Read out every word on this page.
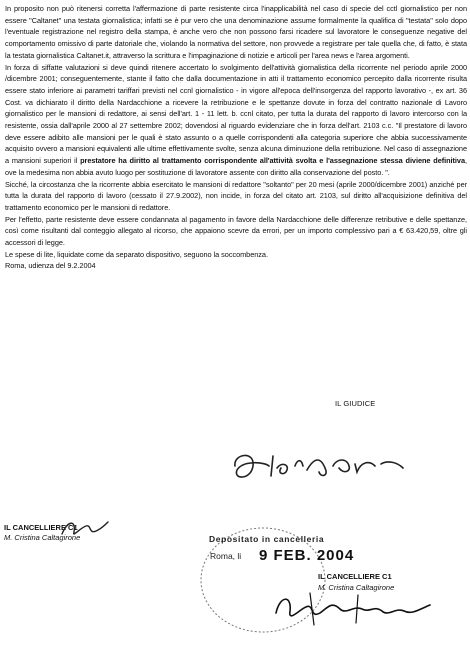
In proposito non può ritenersi corretta l'affermazione di parte resistente circa l'inapplicabilità nel caso di specie del cctl giornalistico per non essere "Caltanet" una testata giornalistica; infatti se è pur vero che una denominazione assume formalmente la qualifica di "testata" solo dopo l'eventuale registrazione nel registro della stampa, è anche vero che non possono farsi ricadere sul lavoratore le conseguenze negative del comportamento omissivo di parte datoriale che, violando la normativa del settore, non provvede a registrare per tale quella che, di fatto, è stata la testata giornalistica Caltanet.it, attraverso la scrittura e l'impaginazione di notizie e articoli per l'area news e l'area argomenti.

In forza di siffatte valutazioni si deve quindi ritenere accertato lo svolgimento dell'attività giornalistica della ricorrente nel periodo aprile 2000 /dicembre 2001; conseguentemente, stante il fatto che dalla documentazione in atti il trattamento economico percepito dalla ricorrente risulta essere stato inferiore ai parametri tariffari previsti nel ccnl giornalistico - in vigore all'epoca dell'insorgenza del rapporto lavorativo -, ex art. 36 Cost. va dichiarato il diritto della Nardacchione a ricevere la retribuzione e le spettanze dovute in forza del contratto nazionale di Lavoro giornalistico per le mansioni di redattore, ai sensi dell'art. 1 - 11 lett. b. ccnl citato, per tutta la durata del rapporto di lavoro intercorso con la resistente, ossia dall'aprile 2000 al 27 settembre 2002; dovendosi al riguardo evidenziare che in forza dell'art. 2103 c.c. "Il prestatore di lavoro deve essere adibito alle mansioni per le quali è stato assunto o a quelle corrispondenti alla categoria superiore che abbia successivamente acquisito ovvero a mansioni equivalenti alle ultime effettivamente svolte, senza alcuna diminuzione della retribuzione. Nel caso di assegnazione a mansioni superiori il prestatore ha diritto al trattamento corrispondente all'attività svolta e l'assegnazione stessa diviene definitiva, ove la medesima non abbia avuto luogo per sostituzione di lavoratore assente con diritto alla conservazione del posto. ".

Sicché, la circostanza che la ricorrente abbia esercitato le mansioni di redattore "soltanto" per 20 mesi (aprile 2000/dicembre 2001) anziché per tutta la durata del rapporto di lavoro (cessato il 27.9.2002), non incide, in forza del citato art. 2103, sul diritto all'acquisizione definitiva del trattamento economico per le mansioni di redattore.

Per l'effetto, parte resistente deve essere condannata al pagamento in favore della Nardacchione delle differenze retributive e delle spettanze, così come risultanti dal conteggio allegato al ricorso, che appaiono scevre da errori, per un importo complessivo pari a € 63.420,59, oltre gli accessori di legge.

Le spese di lite, liquidate come da separato dispositivo, seguono la soccombenza.

Roma, udienza del 9.2.2004

IL GIUDICE
IL CANCELLIERE C1
M. Cristina Caltagirone	Depositato in cancelleria
Roma, li 9 FEB. 2004
IL CANCELLIERE C1
M. Cristina Caltagirone
